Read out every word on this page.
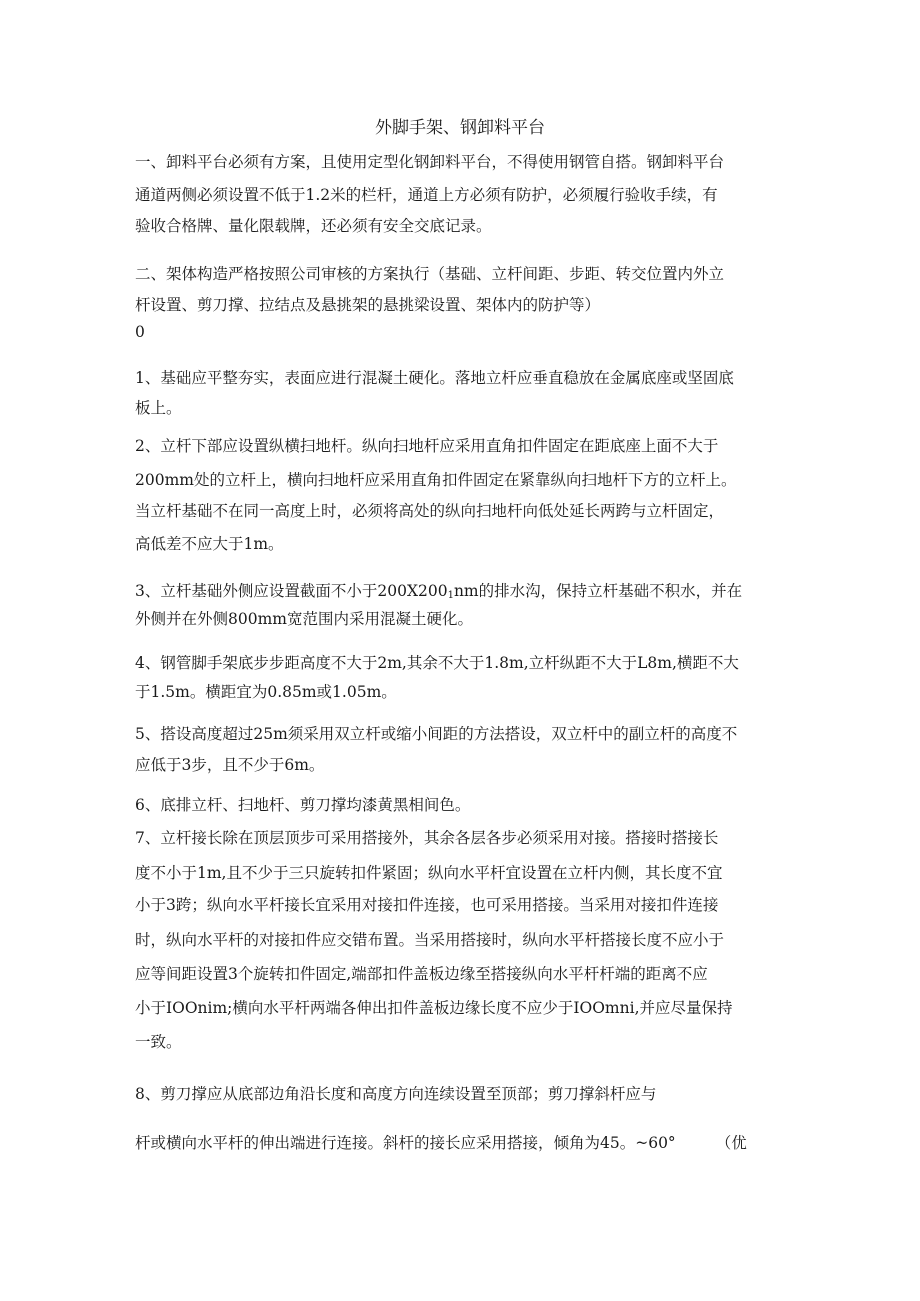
外脚手架、钢卸料平台
一、卸料平台必须有方案，且使用定型化钢卸料平台，不得使用钢管自搭。钢卸料平台
通道两侧必须设置不低于1.2米的栏杆，通道上方必须有防护，必须履行验收手续，有
验收合格牌、量化限载牌，还必须有安全交底记录。
二、架体构造严格按照公司审核的方案执行（基础、立杆间距、步距、转交位置内外立
杆设置、剪刀撑、拉结点及悬挑架的悬挑梁设置、架体内的防护等）
0
1、基础应平整夯实，表面应进行混凝土硬化。落地立杆应垂直稳放在金属底座或坚固底
板上。
2、立杆下部应设置纵横扫地杆。纵向扫地杆应采用直角扣件固定在距底座上面不大于
200mm处的立杆上，横向扫地杆应采用直角扣件固定在紧靠纵向扫地杆下方的立杆上。
当立杆基础不在同一高度上时，必须将高处的纵向扫地杆向低处延长两跨与立杆固定，
高低差不应大于1m。
3、立杆基础外侧应设置截面不小于$200X200_1nm$的排水沟，保持立杆基础不积水，并在
外侧并在外侧800mm宽范围内采用混凝土硬化。
4、钢管脚手架底步步距高度不大于2m,其余不大于1.8m,立杆纵距不大于L8m,横距不大
于1.5m。横距宜为0.85m或1.05m。
5、搭设高度超过25m须采用双立杆或缩小间距的方法搭设，双立杆中的副立杆的高度不
应低于3步，且不少于6m。
6、底排立杆、扫地杆、剪刀撑均漆黄黑相间色。
7、立杆接长除在顶层顶步可采用搭接外，其余各层各步必须采用对接。搭接时搭接长
度不小于1m,且不少于三只旋转扣件紧固；纵向水平杆宜设置在立杆内侧，其长度不宜
小于3跨；纵向水平杆接长宜采用对接扣件连接，也可采用搭接。当采用对接扣件连接
时，纵向水平杆的对接扣件应交错布置。当采用搭接时，纵向水平杆搭接长度不应小于
应等间距设置3个旋转扣件固定,端部扣件盖板边缘至搭接纵向水平杆杆端的距离不应
小于IOOnim;横向水平杆两端各伸出扣件盖板边缘长度不应少于IOOmni,并应尽量保持
一致。
8、剪刀撑应从底部边角沿长度和高度方向连续设置至顶部；剪刀撑斜杆应与
杆或横向水平杆的伸出端进行连接。斜杆的接长应采用搭接，倾角为45。~60°	（优
